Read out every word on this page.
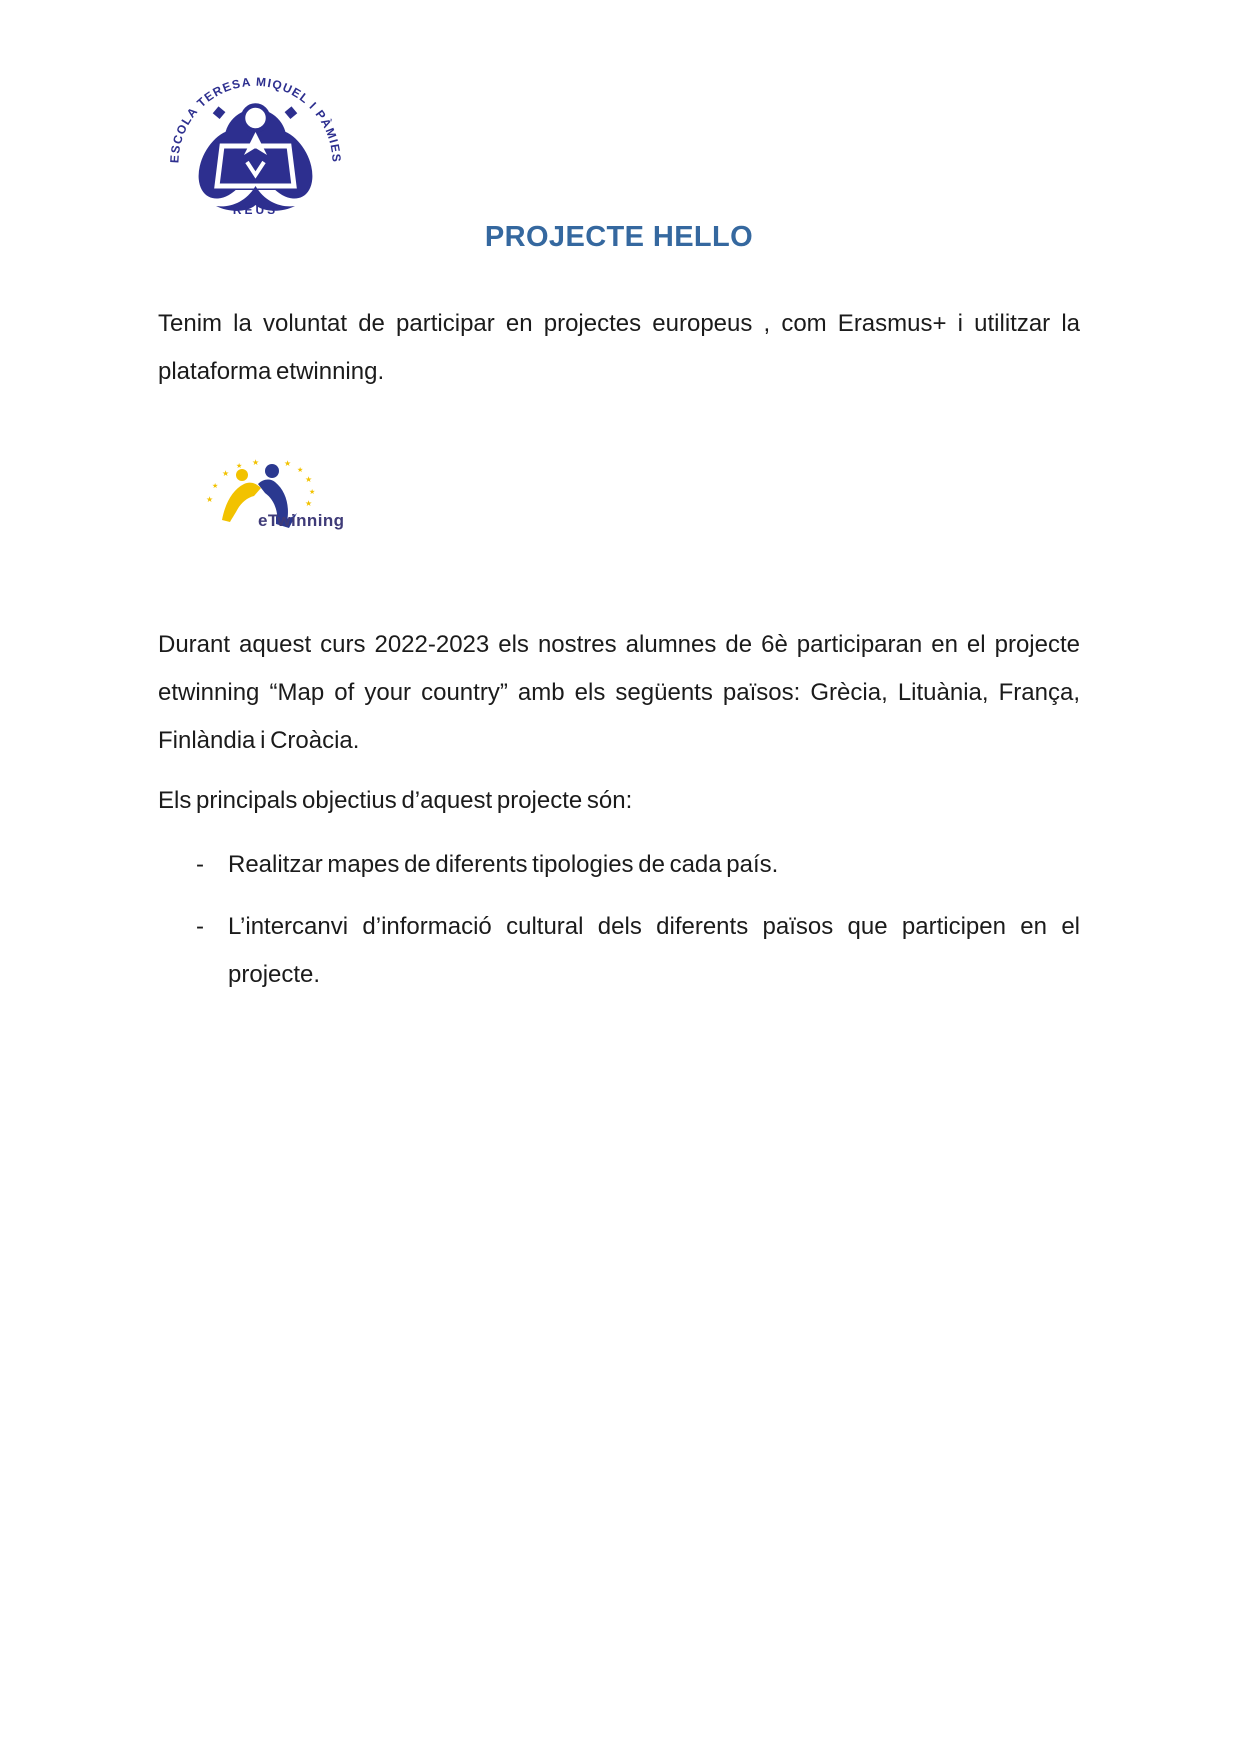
ESCOLA TERESA MIQUEL I PÀMIES
REUS
PROJECTE HELLO

Tenim la voluntat de participar en projectes europeus , com Erasmus+ i utilitzar la plataforma etwinning.

★
★
★
★ ★	★
★
★
★
★
eTwinning

Durant aquest curs 2022-2023 els nostres alumnes de 6è participaran en el projecte etwinning “Map of your country” amb els següents països: Grècia, Lituània, França, Finlàndia i Croàcia.

Els principals objectius d’aquest projecte són:

- Realitzar mapes de diferents tipologies de cada país.
- L’intercanvi d’informació cultural dels diferents països que participen en el projecte.
